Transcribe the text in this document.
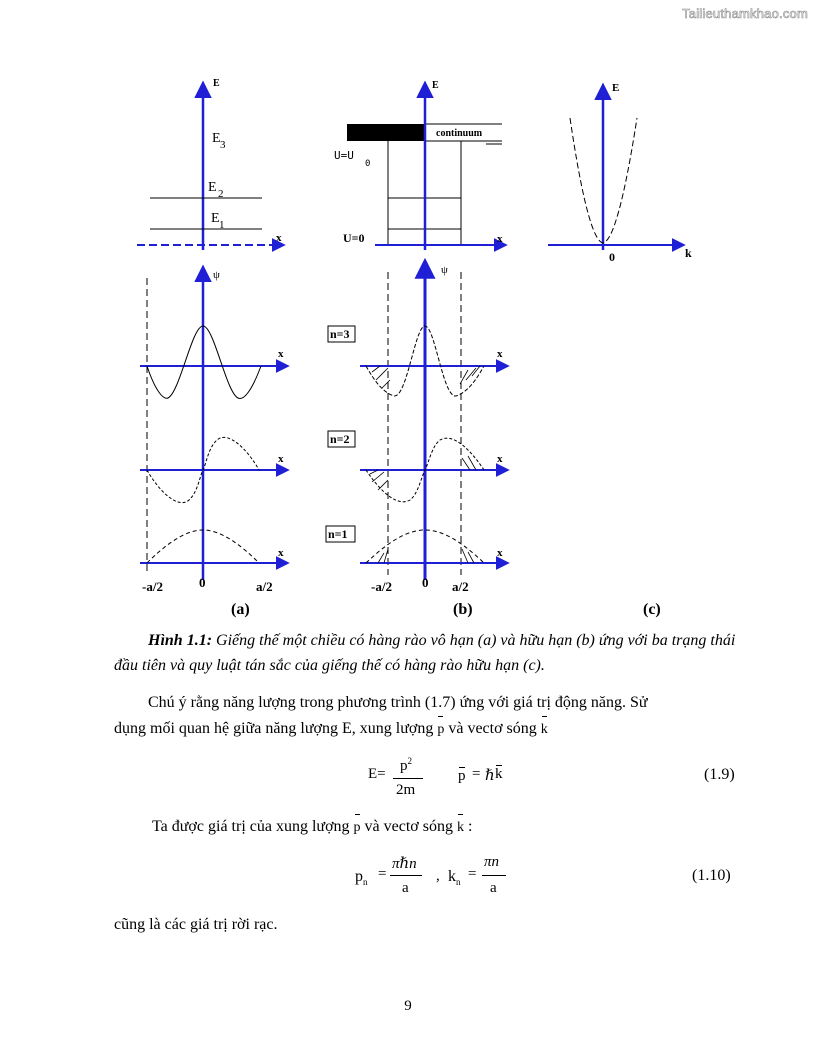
Tailieuthamkhao.com
E
x
E 3
E 2
E 1
ψ
x
x
x
-a/2	0	a/2
(a)
E
continuum
U=U
0
U=0	x
n=3
n=2
n=1
ψ
x
x
x
-a/2 0 a/2
(b)
E
k
0
(c)
Hình 1.1: Giếng thế một chiều có hàng rào vô hạn (a) và hữu hạn (b) ứng với ba trạng thái đầu tiên và quy luật tán sắc của giếng thế có hàng rào hữu hạn (c).
Chú ý rằng năng lượng trong phương trình (1.7) ứng với giá trị động năng. Sử
dụng mối quan hệ giữa năng lượng E, xung lượng p và vectơ sóng k
$E= p^2$
2m
p = ℏ k	(1.9)
Ta được giá trị của xung lượng p và vectơ sóng k :
$p_n$
=
πℏn
a
, $k_n$
=
πn
a
(1.10)
cũng là các giá trị rời rạc.
9
